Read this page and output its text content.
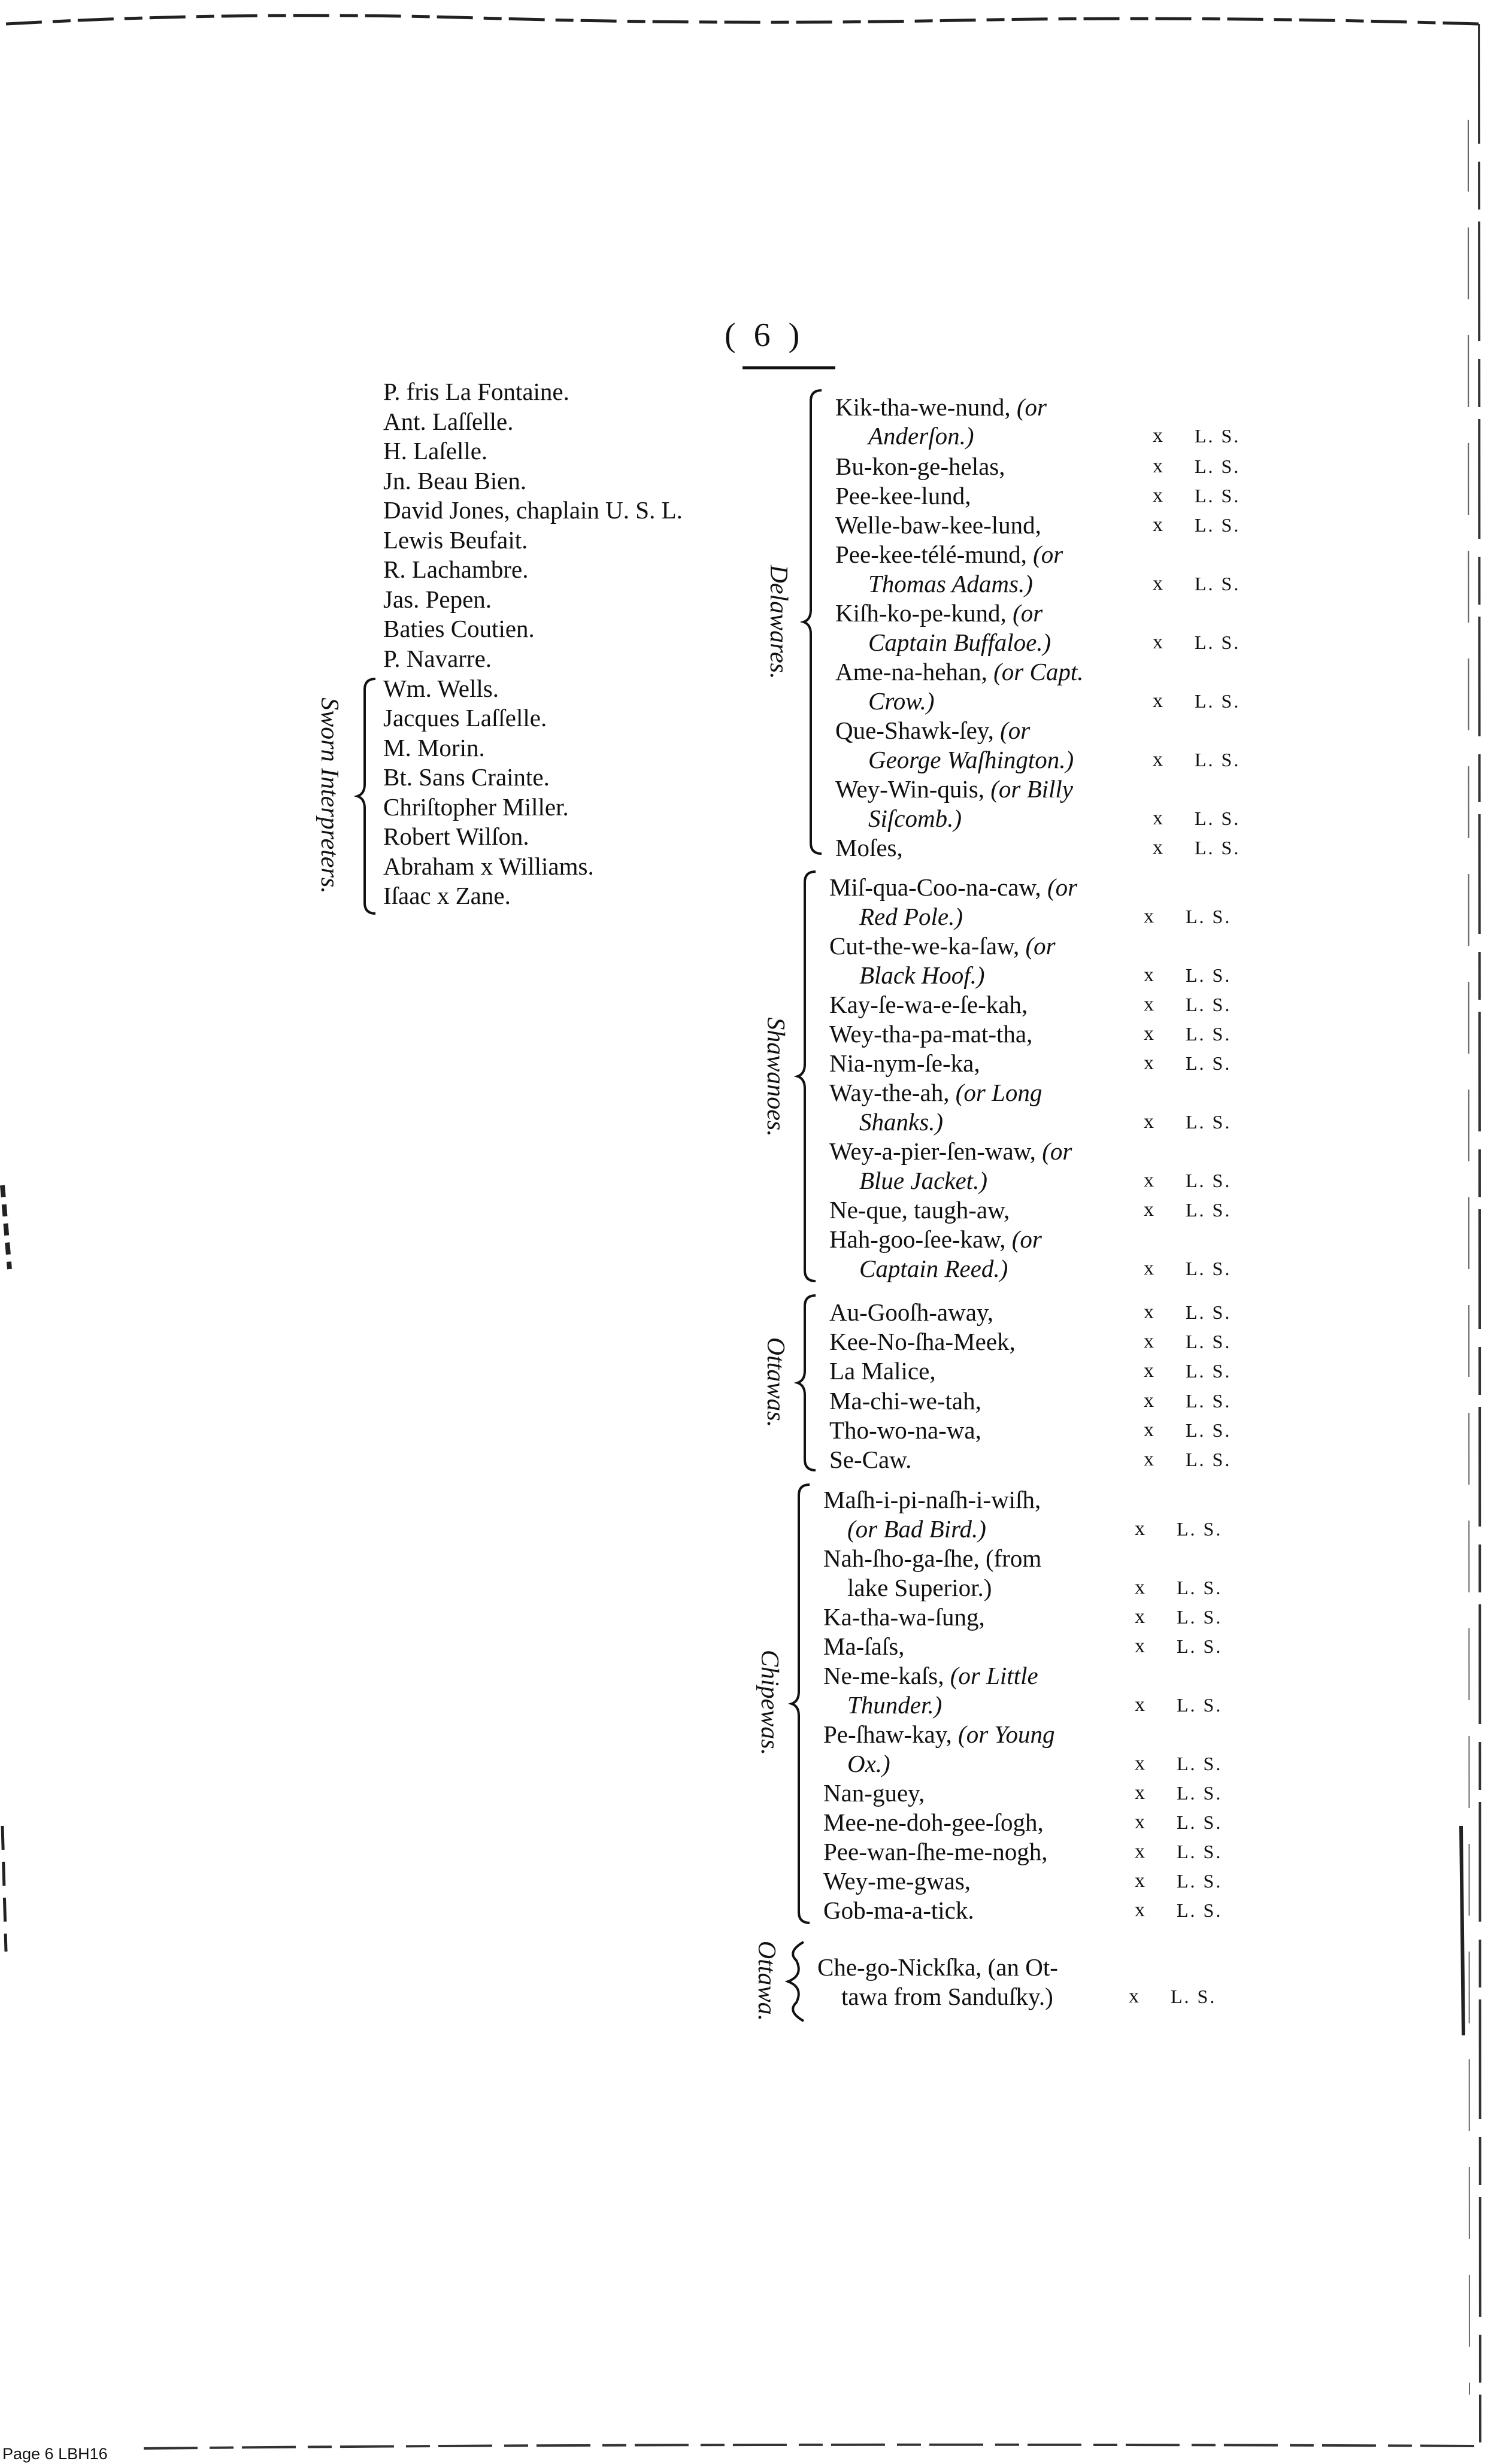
( 6 )
P. fris La Fontaine.
Ant. Laſſelle.
H. Laſelle.
Jn. Beau Bien.
David Jones, chaplain U. S. L.
Lewis Beufait.
R. Lachambre.
Jas. Pepen.
Baties Coutien.
P. Navarre.
Wm. Wells.
Jacques Laſſelle.
M. Morin.
Bt. Sans Crainte.
Chriſtopher Miller.
Robert Wilſon.
Abraham x Williams.
Iſaac x Zane.
Sworn Interpreters.
Delawares.
Kik-tha-we-nund, (or
Anderſon.)	x L. S.
Bu-kon-ge-helas,	x L. S.
Pee-kee-lund,	x L. S.
Welle-baw-kee-lund,	x L. S.
Pee-kee-télé-mund, (or
Thomas Adams.)	x L. S.
Kiſh-ko-pe-kund, (or
Captain Buffaloe.)	x L. S.
Ame-na-hehan, (or Capt.
Crow.)	x L. S.
Que-Shawk-ſey, (or
George Waſhington.)	x L. S.
Wey-Win-quis, (or Billy
Siſcomb.)	x L. S.
Moſes,	x L. S.
Shawanoes.
Miſ-qua-Coo-na-caw, (or
Red Pole.)	x L. S.
Cut-the-we-ka-ſaw, (or
Black Hoof.)	x L. S.
Kay-ſe-wa-e-ſe-kah,	x L. S.
Wey-tha-pa-mat-tha,	x L. S.
Nia-nym-ſe-ka,	x L. S.
Way-the-ah, (or Long
Shanks.)	x L. S.
Wey-a-pier-ſen-waw, (or
Blue Jacket.)	x L. S.
Ne-que, taugh-aw,	x L. S.
Hah-goo-ſee-kaw, (or
Captain Reed.)	x L. S.
Ottawas.
Au-Gooſh-away,	x L. S.
Kee-No-ſha-Meek,	x L. S.
La Malice,	x L. S.
Ma-chi-we-tah,	x L. S.
Tho-wo-na-wa,	x L. S.
Se-Caw.	x L. S.
Chipewas.
Maſh-i-pi-naſh-i-wiſh,
(or Bad Bird.)	x L. S.
Nah-ſho-ga-ſhe, (from
lake Superior.)	x L. S.
Ka-tha-wa-ſung,	x L. S.
Ma-ſaſs,	x L. S.
Ne-me-kaſs, (or Little
Thunder.)	x L. S.
Pe-ſhaw-kay, (or Young
Ox.)	x L. S.
Nan-guey,	x L. S.
Mee-ne-doh-gee-ſogh,	x L. S.
Pee-wan-ſhe-me-nogh,	x L. S.
Wey-me-gwas,	x L. S.
Gob-ma-a-tick.	x L. S.
Ottawa. Che-go-Nickſka, (an Ot-
tawa from Sanduſky.)	x L. S.
Page 6 LBH16
